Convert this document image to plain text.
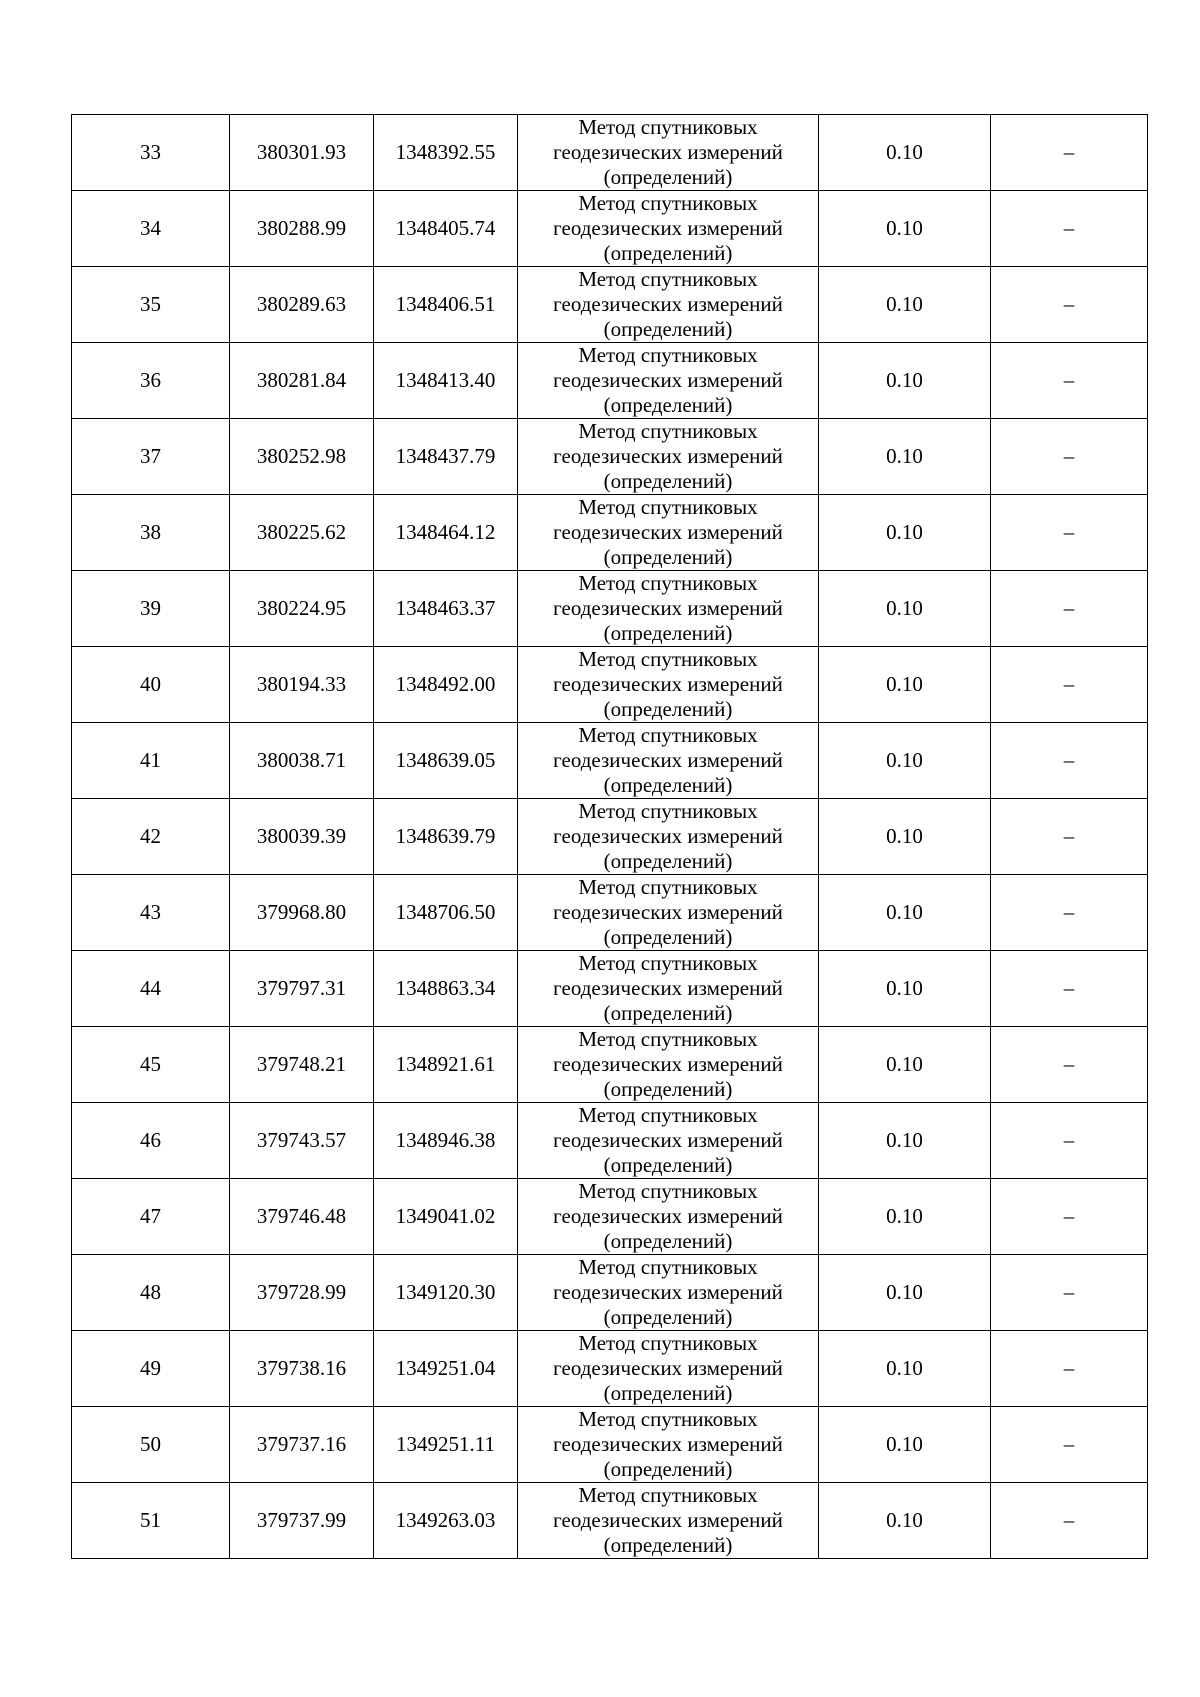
33	380301.93	1348392.55	Метод спутниковых
геодезических измерений
(определений)	0.10	–
34	380288.99	1348405.74	Метод спутниковых
геодезических измерений
(определений)	0.10	–
35	380289.63	1348406.51	Метод спутниковых
геодезических измерений
(определений)	0.10	–
36	380281.84	1348413.40	Метод спутниковых
геодезических измерений
(определений)	0.10	–
37	380252.98	1348437.79	Метод спутниковых
геодезических измерений
(определений)	0.10	–
38	380225.62	1348464.12	Метод спутниковых
геодезических измерений
(определений)	0.10	–
39	380224.95	1348463.37	Метод спутниковых
геодезических измерений
(определений)	0.10	–
40	380194.33	1348492.00	Метод спутниковых
геодезических измерений
(определений)	0.10	–
41	380038.71	1348639.05	Метод спутниковых
геодезических измерений
(определений)	0.10	–
42	380039.39	1348639.79	Метод спутниковых
геодезических измерений
(определений)	0.10	–
43	379968.80	1348706.50	Метод спутниковых
геодезических измерений
(определений)	0.10	–
44	379797.31	1348863.34	Метод спутниковых
геодезических измерений
(определений)	0.10	–
45	379748.21	1348921.61	Метод спутниковых
геодезических измерений
(определений)	0.10	–
46	379743.57	1348946.38	Метод спутниковых
геодезических измерений
(определений)	0.10	–
47	379746.48	1349041.02	Метод спутниковых
геодезических измерений
(определений)	0.10	–
48	379728.99	1349120.30	Метод спутниковых
геодезических измерений
(определений)	0.10	–
49	379738.16	1349251.04	Метод спутниковых
геодезических измерений
(определений)	0.10	–
50	379737.16	1349251.11	Метод спутниковых
геодезических измерений
(определений)	0.10	–
51	379737.99	1349263.03	Метод спутниковых
геодезических измерений
(определений)	0.10	–
